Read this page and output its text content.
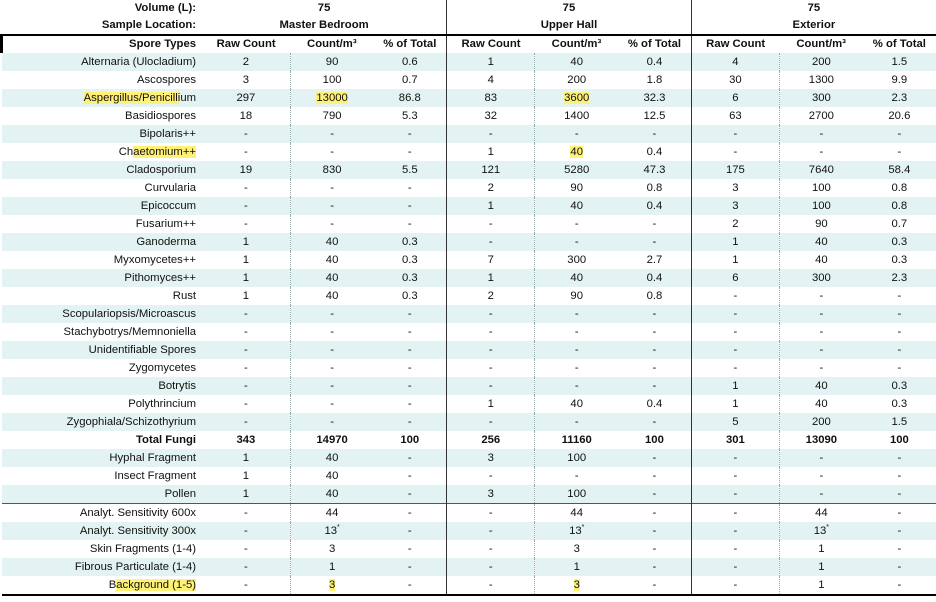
Volume (L):	75			75			75		
Sample Location:	Master Bedroom			Upper Hall			Exterior		
Spore Types	Raw Count	Count/m³	% of Total	Raw Count	Count/m³	% of Total	Raw Count	Count/m³	% of Total
Alternaria (Ulocladium)	2	90	0.6	1	40	0.4	4	200	1.5
Ascospores	3	100	0.7	4	200	1.8	30	1300	9.9
Aspergillus/Penicillium	297	13000	86.8	83	3600	32.3	6	300	2.3
Basidiospores	18	790	5.3	32	1400	12.5	63	2700	20.6
Bipolaris++	-	-	-	-	-	-	-	-	-
Chaetomium++	-	-	-	1	40	0.4	-	-	-
Cladosporium	19	830	5.5	121	5280	47.3	175	7640	58.4
Curvularia	-	-	-	2	90	0.8	3	100	0.8
Epicoccum	-	-	-	1	40	0.4	3	100	0.8
Fusarium++	-	-	-	-	-	-	2	90	0.7
Ganoderma	1	40	0.3	-	-	-	1	40	0.3
Myxomycetes++	1	40	0.3	7	300	2.7	1	40	0.3
Pithomyces++	1	40	0.3	1	40	0.4	6	300	2.3
Rust	1	40	0.3	2	90	0.8	-	-	-
Scopulariopsis/Microascus	-	-	-	-	-	-	-	-	-
Stachybotrys/Memnoniella	-	-	-	-	-	-	-	-	-
Unidentifiable Spores	-	-	-	-	-	-	-	-	-
Zygomycetes	-	-	-	-	-	-	-	-	-
Botrytis	-	-	-	-	-	-	1	40	0.3
Polythrincium	-	-	-	1	40	0.4	1	40	0.3
Zygophiala/Schizothyrium	-	-	-	-	-	-	5	200	1.5
Total Fungi	343	14970	100	256	11160	100	301	13090	100
Hyphal Fragment	1	40	-	3	100	-	-	-	-
Insect Fragment	1	40	-	-	-	-	-	-	-
Pollen	1	40	-	3	100	-	-	-	-
Analyt. Sensitivity 600x	-	44	-	-	44	-	-	44	-
Analyt. Sensitivity 300x	-	13*	-	-	13*	-	-	13*	-
Skin Fragments (1-4)	-	3	-	-	3	-	-	1	-
Fibrous Particulate (1-4)	-	1	-	-	1	-	-	1	-
Background (1-5)	-	3	-	-	3	-	-	1	-
